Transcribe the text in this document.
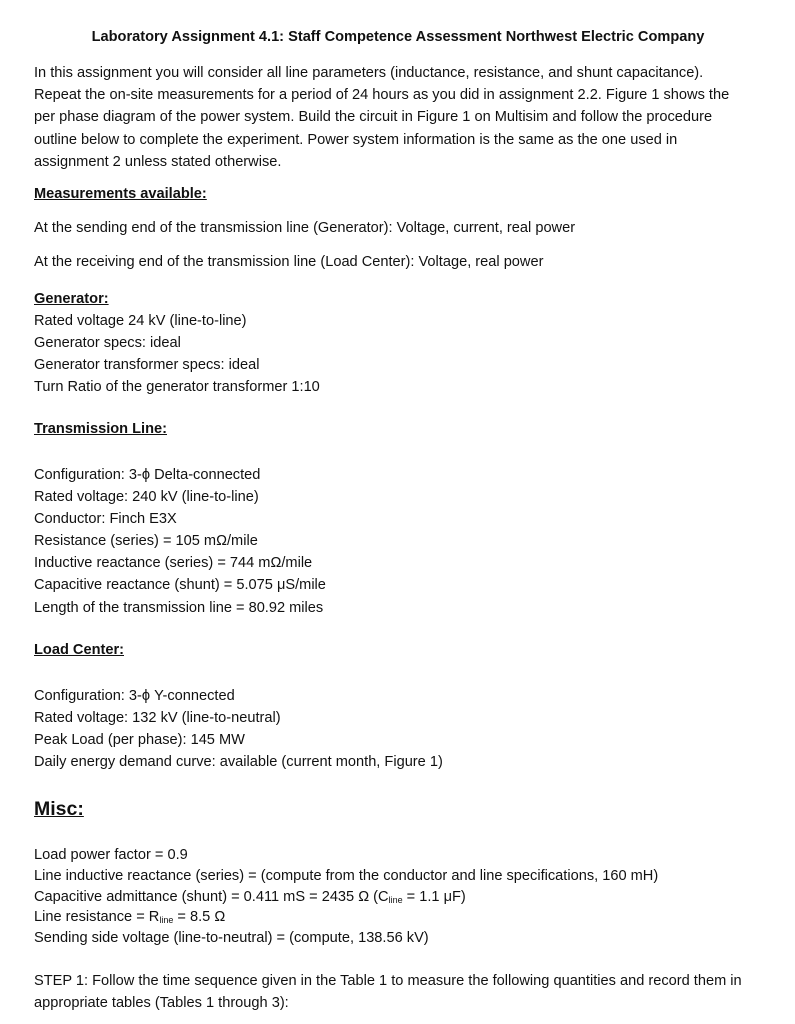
Laboratory Assignment 4.1: Staff Competence Assessment Northwest Electric Company
In this assignment you will consider all line parameters (inductance, resistance, and shunt capacitance). Repeat the on-site measurements for a period of 24 hours as you did in assignment 2.2. Figure 1 shows the per phase diagram of the power system. Build the circuit in Figure 1 on Multisim and follow the procedure outline below to complete the experiment. Power system information is the same as the one used in assignment 2 unless stated otherwise.
Measurements available:
At the sending end of the transmission line (Generator): Voltage, current, real power
At the receiving end of the transmission line (Load Center): Voltage, real power
Generator:
Rated voltage 24 kV (line-to-line)
Generator specs: ideal
Generator transformer specs: ideal
Turn Ratio of the generator transformer 1:10
Transmission Line:
Configuration: 3-ϕ Delta-connected
Rated voltage: 240 kV (line-to-line)
Conductor: Finch E3X
Resistance (series) = 105 mΩ/mile
Inductive reactance (series) = 744 mΩ/mile
Capacitive reactance (shunt) = 5.075 μS/mile
Length of the transmission line = 80.92 miles
Load Center:
Configuration: 3-ϕ Y-connected
Rated voltage: 132 kV (line-to-neutral)
Peak Load (per phase): 145 MW
Daily energy demand curve: available (current month, Figure 1)
Misc:
Load power factor = 0.9
Line inductive reactance (series) = (compute from the conductor and line specifications, 160 mH)
Capacitive admittance (shunt) = 0.411 mS = 2435 Ω ($C_{line} = 1.1$ μF)
Line resistance = $R_{line} = 8.5$ Ω
Sending side voltage (line-to-neutral) = (compute, 138.56 kV)
STEP 1: Follow the time sequence given in the Table 1 to measure the following quantities and record them in appropriate tables (Tables 1 through 3):
